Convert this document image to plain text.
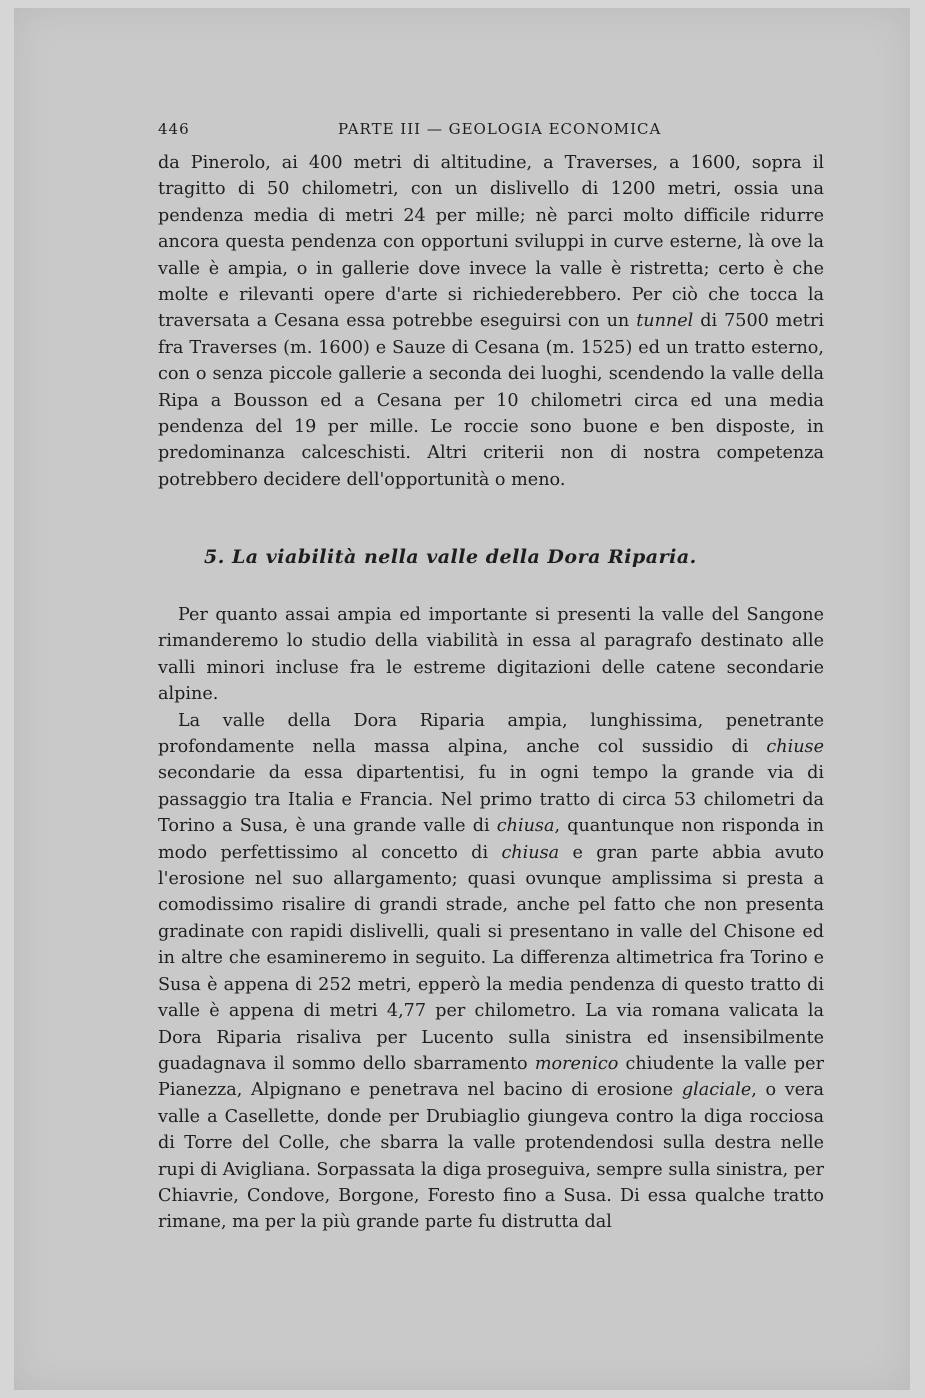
446	PARTE III — GEOLOGIA ECONOMICA

da Pinerolo, ai 400 metri di altitudine, a Traverses, a 1600, sopra il tragitto di 50 chilometri, con un dislivello di 1200 metri, ossia una pendenza media di metri 24 per mille; nè parci molto difficile ridurre ancora questa pendenza con opportuni sviluppi in curve esterne, là ove la valle è ampia, o in gallerie dove invece la valle è ristretta; certo è che molte e rilevanti opere d'arte si richiederebbero. Per ciò che tocca la traversata a Cesana essa potrebbe eseguirsi con un tunnel di 7500 metri fra Traverses (m. 1600) e Sauze di Cesana (m. 1525) ed un tratto esterno, con o senza piccole gallerie a seconda dei luoghi, scendendo la valle della Ripa a Bousson ed a Cesana per 10 chilometri circa ed una media pendenza del 19 per mille. Le roccie sono buone e ben disposte, in predominanza calceschisti. Altri criterii non di nostra competenza potrebbero decidere dell'opportunità o meno.

5. La viabilità nella valle della Dora Riparia.

Per quanto assai ampia ed importante si presenti la valle del Sangone rimanderemo lo studio della viabilità in essa al paragrafo destinato alle valli minori incluse fra le estreme digitazioni delle catene secondarie alpine.

La valle della Dora Riparia ampia, lunghissima, penetrante profondamente nella massa alpina, anche col sussidio di chiuse secondarie da essa dipartentisi, fu in ogni tempo la grande via di passaggio tra Italia e Francia. Nel primo tratto di circa 53 chilometri da Torino a Susa, è una grande valle di chiusa, quantunque non risponda in modo perfettissimo al concetto di chiusa e gran parte abbia avuto l'erosione nel suo allargamento; quasi ovunque amplissima si presta a comodissimo risalire di grandi strade, anche pel fatto che non presenta gradinate con rapidi dislivelli, quali si presentano in valle del Chisone ed in altre che esamineremo in seguito. La differenza altimetrica fra Torino e Susa è appena di 252 metri, epperò la media pendenza di questo tratto di valle è appena di metri 4,77 per chilometro. La via romana valicata la Dora Riparia risaliva per Lucento sulla sinistra ed insensibilmente guadagnava il sommo dello sbarramento morenico chiudente la valle per Pianezza, Alpignano e penetrava nel bacino di erosione glaciale, o vera valle a Casellette, donde per Drubiaglio giungeva contro la diga rocciosa di Torre del Colle, che sbarra la valle protendendosi sulla destra nelle rupi di Avigliana. Sorpassata la diga proseguiva, sempre sulla sinistra, per Chiavrie, Condove, Borgone, Foresto fino a Susa. Di essa qualche tratto rimane, ma per la più grande parte fu distrutta dal
